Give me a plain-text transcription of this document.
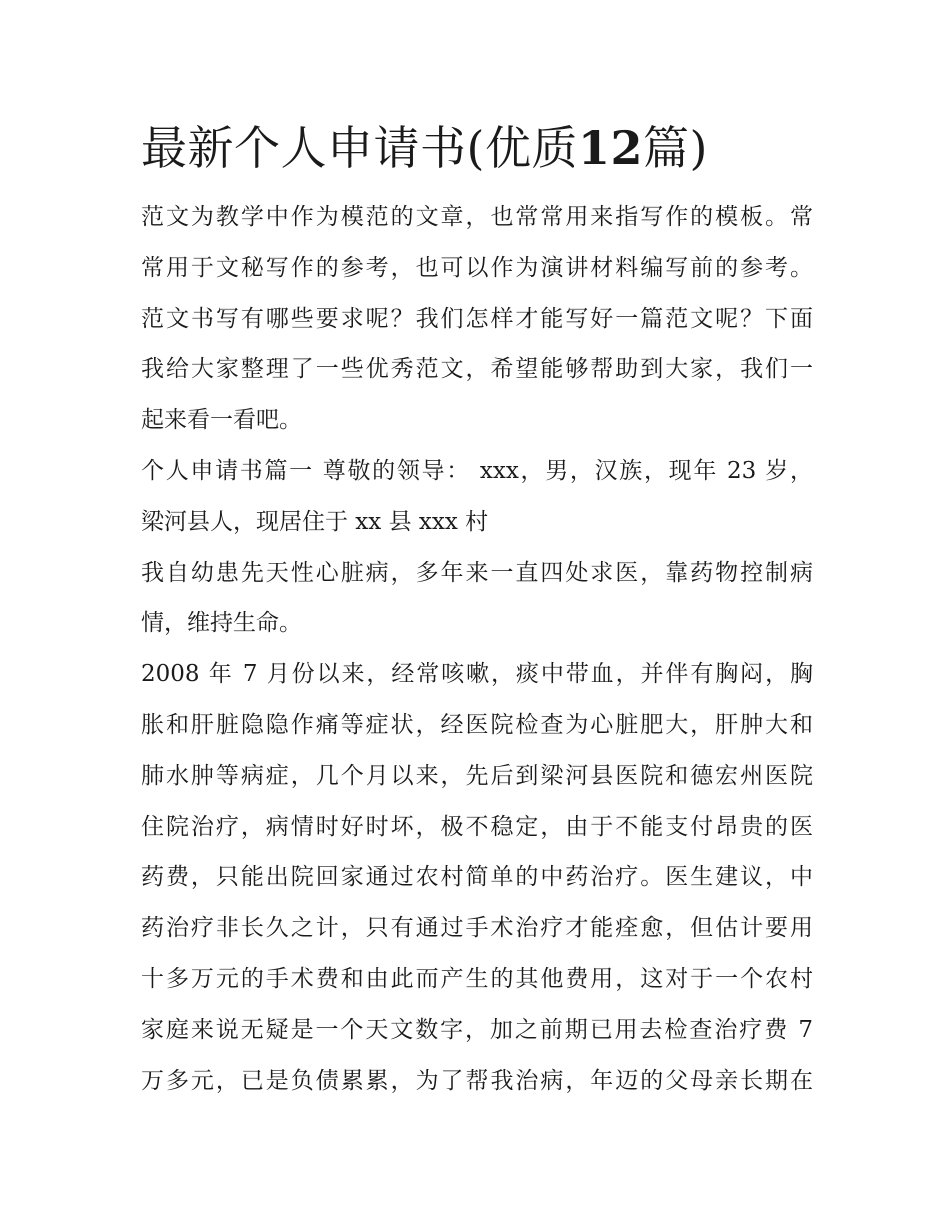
最新个人申请书(优质12篇)

范文为教学中作为模范的文章，也常常用来指写作的模板。常
常用于文秘写作的参考，也可以作为演讲材料编写前的参考。
范文书写有哪些要求呢？我们怎样才能写好一篇范文呢？下面
我给大家整理了一些优秀范文，希望能够帮助到大家，我们一
起来看一看吧。

个人申请书篇一 尊敬的领导： xxx，男，汉族，现年 23 岁，
梁河县人，现居住于 xx 县 xxx 村

我自幼患先天性心脏病，多年来一直四处求医，靠药物控制病
情，维持生命。

2008 年 7 月份以来，经常咳嗽，痰中带血，并伴有胸闷，胸
胀和肝脏隐隐作痛等症状，经医院检查为心脏肥大，肝肿大和
肺水肿等病症，几个月以来，先后到梁河县医院和德宏州医院
住院治疗，病情时好时坏，极不稳定，由于不能支付昂贵的医
药费，只能出院回家通过农村简单的中药治疗。医生建议，中
药治疗非长久之计，只有通过手术治疗才能痊愈，但估计要用
十多万元的手术费和由此而产生的其他费用，这对于一个农村
家庭来说无疑是一个天文数字，加之前期已用去检查治疗费 7
万多元，已是负债累累，为了帮我治病，年迈的父母亲长期在
